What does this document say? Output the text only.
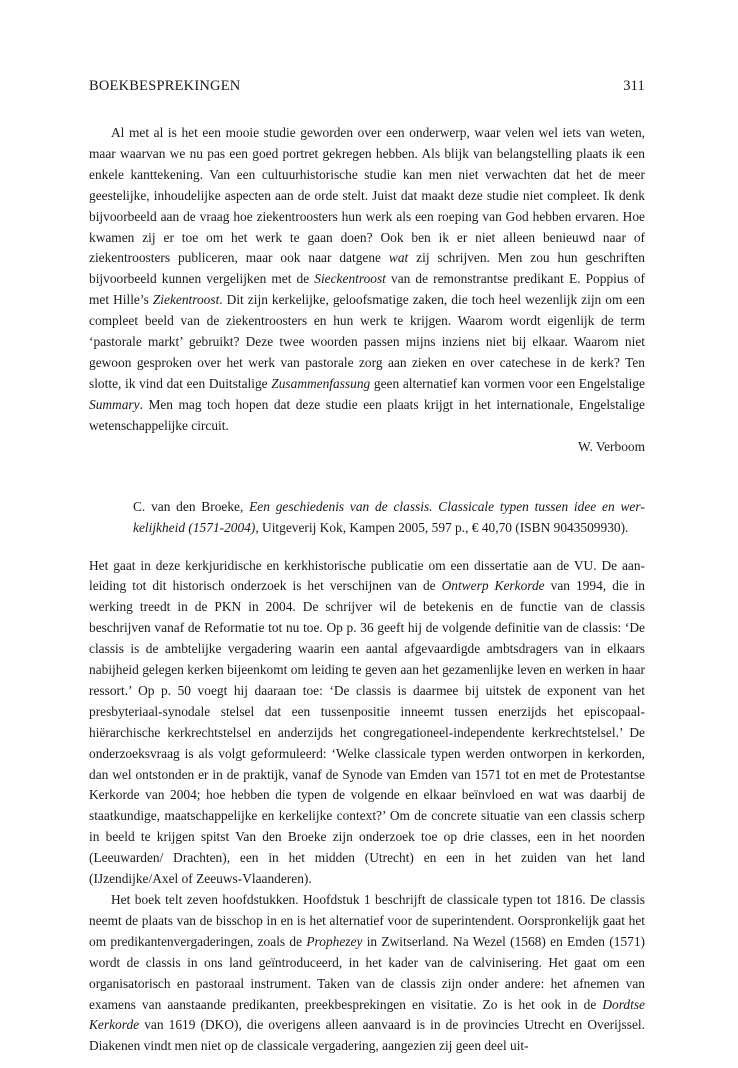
BOEKBESPREKINGEN	311

Al met al is het een mooie studie geworden over een onderwerp, waar velen wel iets van weten, maar waarvan we nu pas een goed portret gekregen hebben. Als blijk van belangstelling plaats ik een enkele kanttekening. Van een cultuurhistorische studie kan men niet verwachten dat het de meer geestelijke, inhoudelijke aspecten aan de orde stelt. Juist dat maakt deze studie niet compleet. Ik denk bijvoorbeeld aan de vraag hoe ziekentroosters hun werk als een roeping van God hebben ervaren. Hoe kwamen zij er toe om het werk te gaan doen? Ook ben ik er niet alleen benieuwd naar of ziekentroosters publiceren, maar ook naar datgene wat zij schrijven. Men zou hun geschriften bijvoorbeeld kunnen vergelijken met de Sieckentroost van de remonstrantse predikant E. Poppius of met Hille’s Ziekentroost. Dit zijn kerkelijke, geloofsmatige zaken, die toch heel wezenlijk zijn om een compleet beeld van de ziekentroosters en hun werk te krijgen. Waarom wordt eigenlijk de term ‘pastorale markt’ gebruikt? Deze twee woorden passen mijns inziens niet bij elkaar. Waarom niet gewoon gesproken over het werk van pastorale zorg aan zieken en over catechese in de kerk? Ten slotte, ik vind dat een Duitstalige Zusammenfassung geen alternatief kan vormen voor een Engelstalige Summary. Men mag toch hopen dat deze studie een plaats krijgt in het internationale, Engelstalige wetenschappelijke circuit.

W. Verboom

C. van den Broeke, Een geschiedenis van de classis. Classicale typen tussen idee en werkelijkheid (1571-2004), Uitgeverij Kok, Kampen 2005, 597 p., € 40,70 (ISBN 9043509930).

Het gaat in deze kerkjuridische en kerkhistorische publicatie om een dissertatie aan de VU. De aanleiding tot dit historisch onderzoek is het verschijnen van de Ontwerp Kerkorde van 1994, die in werking treedt in de PKN in 2004. De schrijver wil de betekenis en de functie van de classis beschrijven vanaf de Reformatie tot nu toe. Op p. 36 geeft hij de volgende definitie van de classis: ‘De classis is de ambtelijke vergadering waarin een aantal afgevaardigde ambtsdragers van in elkaars nabijheid gelegen kerken bijeenkomt om leiding te geven aan het gezamenlijke leven en werken in haar ressort.’ Op p. 50 voegt hij daaraan toe: ‘De classis is daarmee bij uitstek de exponent van het presbyteriaal-synodale stelsel dat een tussenpositie inneemt tussen enerzijds het episcopaal-hiërarchische kerkrechtstelsel en anderzijds het congregationeel-independente kerkrechtstelsel.’ De onderzoeksvraag is als volgt geformuleerd: ‘Welke classicale typen werden ontworpen in kerkorden, dan wel ontstonden er in de praktijk, vanaf de Synode van Emden van 1571 tot en met de Protestantse Kerkorde van 2004; hoe hebben die typen de volgende en elkaar beïnvloed en wat was daarbij de staatkundige, maatschappelijke en kerkelijke context?’ Om de concrete situatie van een classis scherp in beeld te krijgen spitst Van den Broeke zijn onderzoek toe op drie classes, een in het noorden (Leeuwarden/ Drachten), een in het midden (Utrecht) en een in het zuiden van het land (IJzendijke/Axel of Zeeuws-Vlaanderen).

Het boek telt zeven hoofdstukken. Hoofdstuk 1 beschrijft de classicale typen tot 1816. De classis neemt de plaats van de bisschop in en is het alternatief voor de superintendent. Oorspronkelijk gaat het om predikantenvergaderingen, zoals de Prophezey in Zwitserland. Na Wezel (1568) en Emden (1571) wordt de classis in ons land geïntroduceerd, in het kader van de calvinisering. Het gaat om een organisatorisch en pastoraal instrument. Taken van de classis zijn onder andere: het afnemen van examens van aanstaande predikanten, preekbesprekingen en visitatie. Zo is het ook in de Dordtse Kerkorde van 1619 (DKO), die overigens alleen aanvaard is in de provincies Utrecht en Overijssel. Diakenen vindt men niet op de classicale vergadering, aangezien zij geen deel uit-
